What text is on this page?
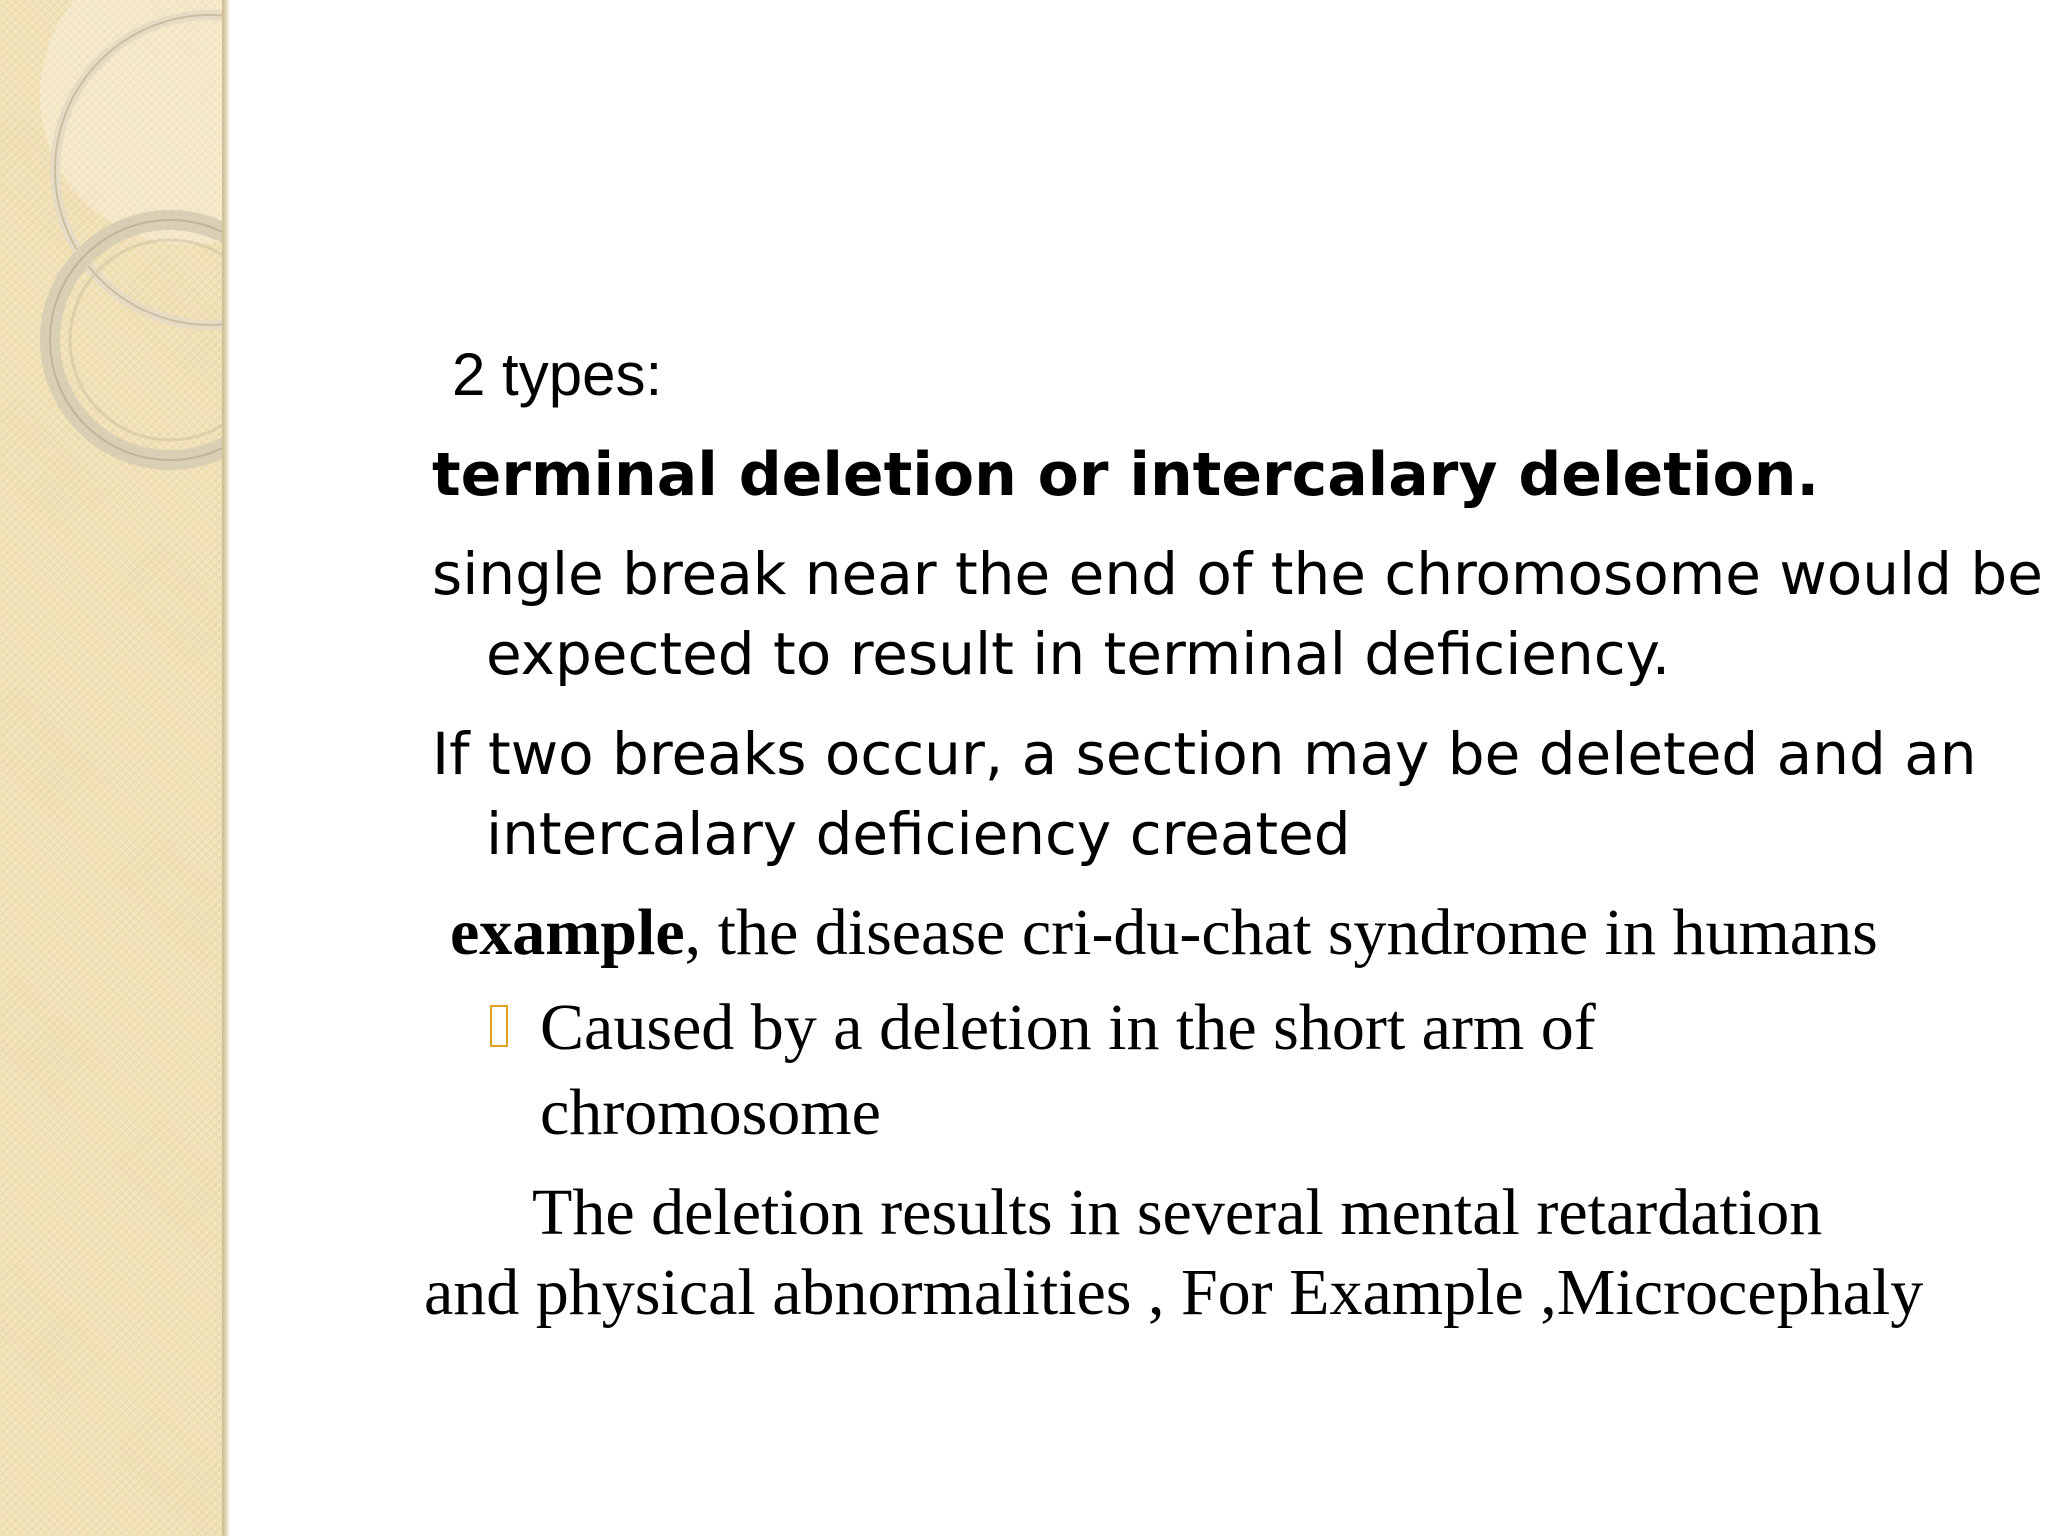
2 types:
terminal deletion or intercalary deletion.
single break near the end of the chromosome would be
expected to result in terminal deficiency.
If two breaks occur, a section may be deleted and an
intercalary deficiency created
example, the disease cri-du-chat syndrome in humans
Caused by a deletion in the short arm of
chromosome
The deletion results in several mental retardation
and physical abnormalities , For Example ,Microcephaly
